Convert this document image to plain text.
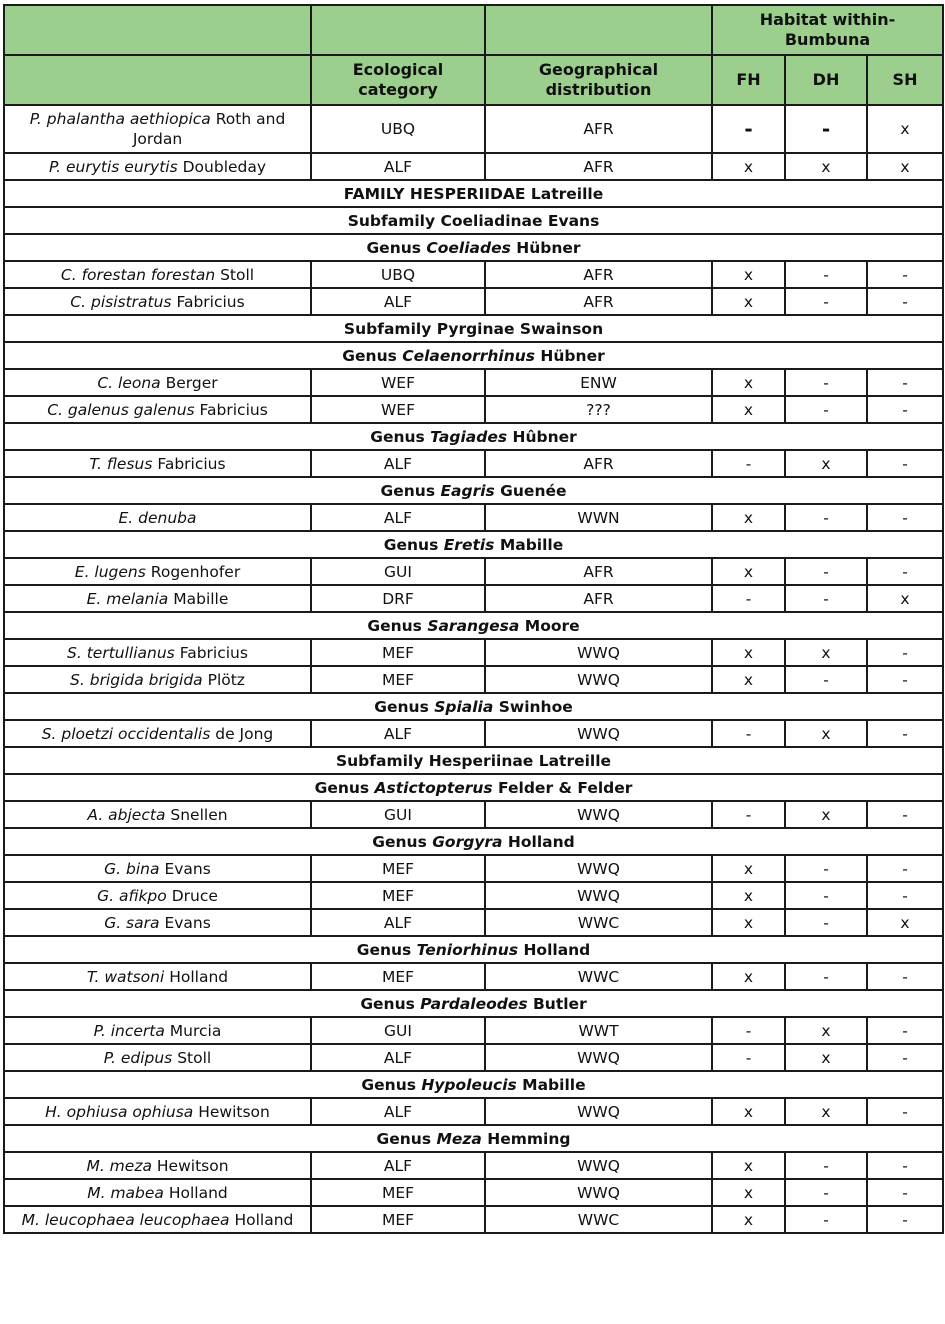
			Habitat within- Bumbuna		
	Ecological category	Geographical distribution	FH	DH	SH
P. phalantha aethiopica Roth and Jordan	UBQ	AFR	-	-	x
P. eurytis eurytis Doubleday	ALF	AFR	x	x	x
FAMILY HESPERIIDAE Latreille					
Subfamily Coeliadinae Evans					
Genus Coeliades Hübner					
C. forestan forestan Stoll	UBQ	AFR	x	-	-
C. pisistratus Fabricius	ALF	AFR	x	-	-
Subfamily Pyrginae Swainson					
Genus Celaenorrhinus Hübner					
C. leona Berger	WEF	ENW	x	-	-
C. galenus galenus Fabricius	WEF	???	x	-	-
Genus Tagiades Hûbner					
T. flesus Fabricius	ALF	AFR	-	x	-
Genus Eagris Guenée					
E. denuba	ALF	WWN	x	-	-
Genus Eretis Mabille					
E. lugens Rogenhofer	GUI	AFR	x	-	-
E. melania Mabille	DRF	AFR	-	-	x
Genus Sarangesa Moore					
S. tertullianus Fabricius	MEF	WWQ	x	x	-
S. brigida brigida Plötz	MEF	WWQ	x	-	-
Genus Spialia Swinhoe					
S. ploetzi occidentalis de Jong	ALF	WWQ	-	x	-
Subfamily Hesperiinae Latreille					
Genus Astictopterus Felder & Felder					
A. abjecta Snellen	GUI	WWQ	-	x	-
Genus Gorgyra Holland					
G. bina Evans	MEF	WWQ	x	-	-
G. afikpo Druce	MEF	WWQ	x	-	-
G. sara Evans	ALF	WWC	x	-	x
Genus Teniorhinus Holland					
T. watsoni Holland	MEF	WWC	x	-	-
Genus Pardaleodes Butler					
P. incerta Murcia	GUI	WWT	-	x	-
P. edipus Stoll	ALF	WWQ	-	x	-
Genus Hypoleucis Mabille					
H. ophiusa ophiusa Hewitson	ALF	WWQ	x	x	-
Genus Meza Hemming					
M. meza Hewitson	ALF	WWQ	x	-	-
M. mabea Holland	MEF	WWQ	x	-	-
M. leucophaea leucophaea Holland	MEF	WWC	x	-	-
